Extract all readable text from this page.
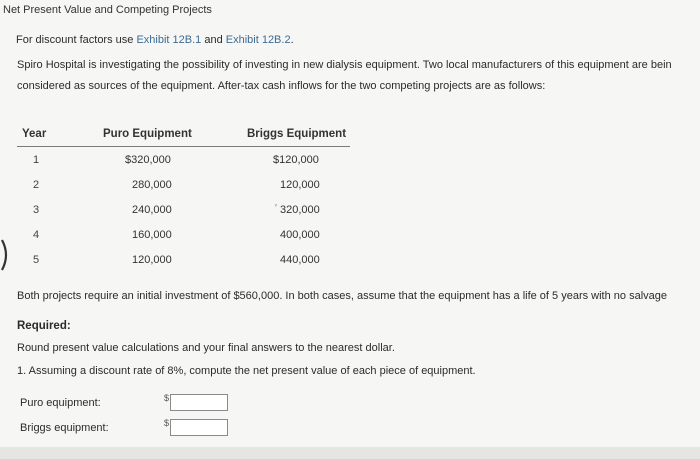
Net Present Value and Competing Projects
For discount factors use Exhibit 12B.1 and Exhibit 12B.2.
Spiro Hospital is investigating the possibility of investing in new dialysis equipment. Two local manufacturers of this equipment are bein
considered as sources of the equipment. After-tax cash inflows for the two competing projects are as follows:
Year	Puro Equipment	Briggs Equipment
1	$320,000	$120,000
2	280,000	120,000
3	240,000	′ 320,000
4	160,000	400,000
5	120,000	440,000
Both projects require an initial investment of $560,000. In both cases, assume that the equipment has a life of 5 years with no salvage
Required:
Round present value calculations and your final answers to the nearest dollar.
1. Assuming a discount rate of 8%, compute the net present value of each piece of equipment.
Puro equipment:	$
Briggs equipment:	$
